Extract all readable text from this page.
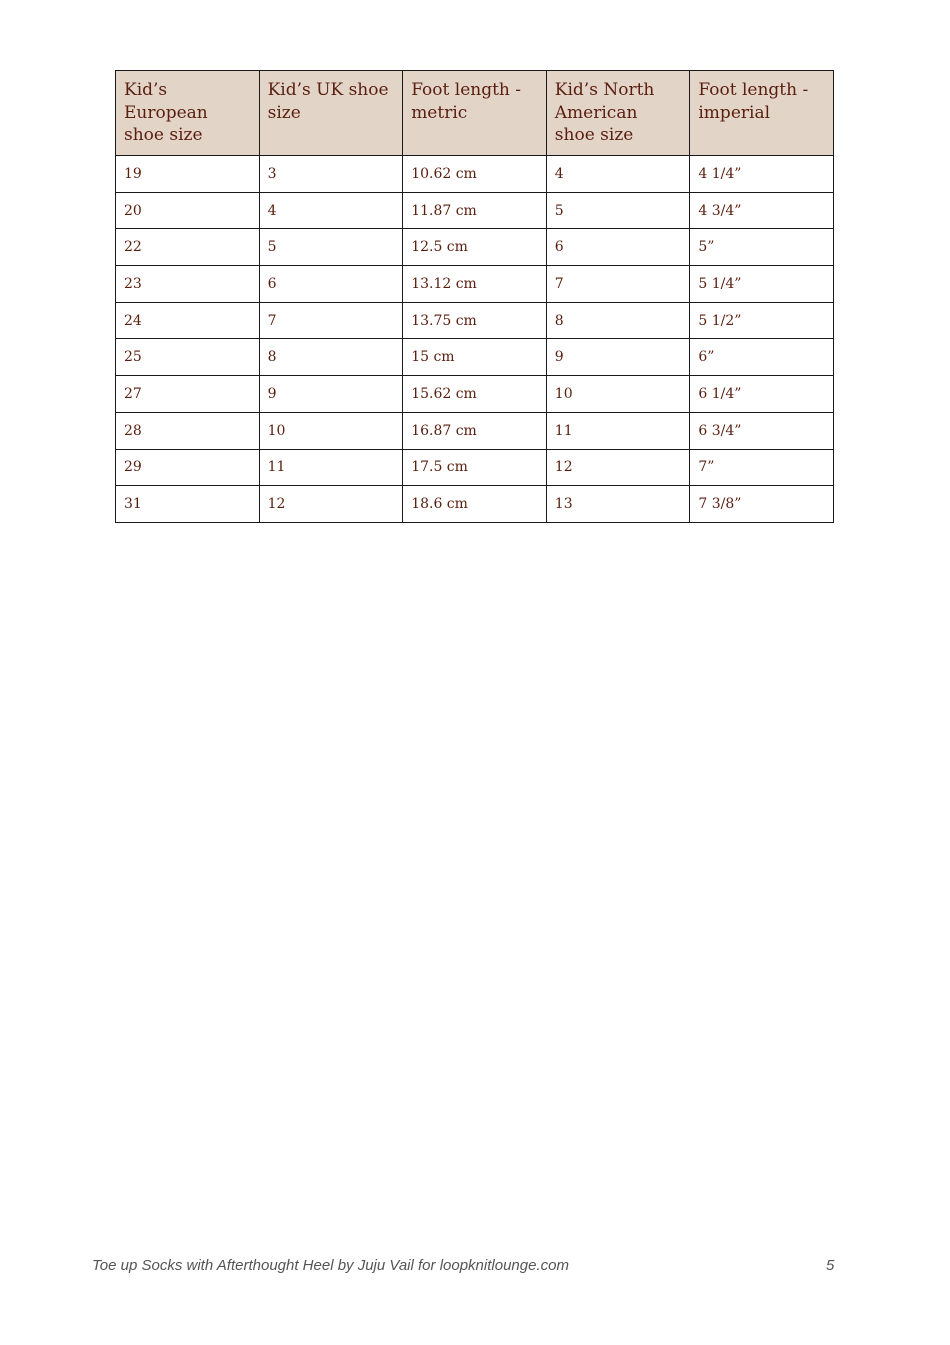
Kid’s European shoe size	Kid’s UK shoe size	Foot length - metric	Kid’s North American shoe size	Foot length - imperial
19	3	10.62 cm	4	4 1/4”
20	4	11.87 cm	5	4 3/4”
22	5	12.5 cm	6	5”
23	6	13.12 cm	7	5 1/4”
24	7	13.75 cm	8	5 1/2”
25	8	15 cm	9	6”
27	9	15.62 cm	10	6 1/4”
28	10	16.87 cm	11	6 3/4”
29	11	17.5 cm	12	7”
31	12	18.6 cm	13	7 3/8”
Toe up Socks with Afterthought Heel by Juju Vail for loopknitlounge.com	5
